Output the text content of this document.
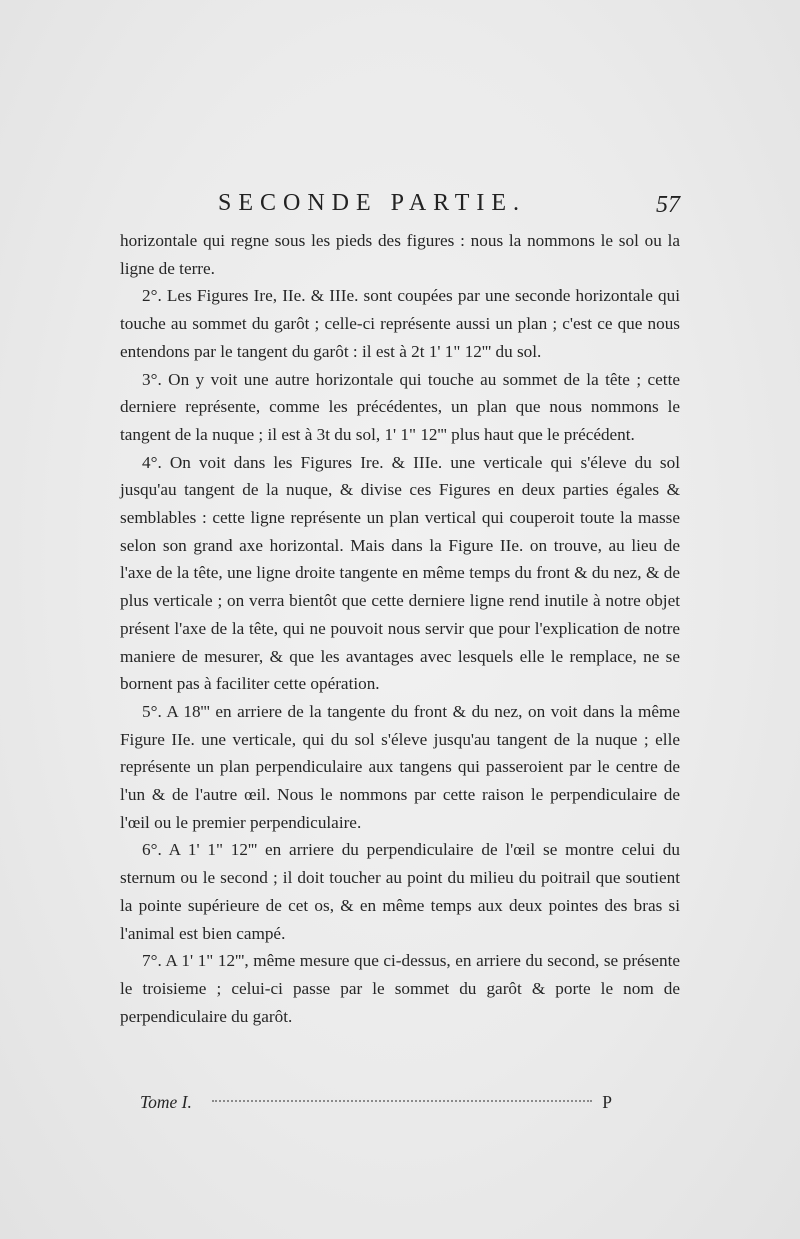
SECONDE PARTIE.	57

horizontale qui regne sous les pieds des figures : nous la nommons le sol ou la ligne de terre.

2°. Les Figures Ire, IIe. & IIIe. sont coupées par une seconde horizontale qui touche au sommet du garôt ; celle-ci représente aussi un plan ; c'est ce que nous entendons par le tangent du garôt : il est à 2t 1' 1" 12''' du sol.

3°. On y voit une autre horizontale qui touche au sommet de la tête ; cette derniere représente, comme les précédentes, un plan que nous nommons le tangent de la nuque ; il est à 3t du sol, 1' 1" 12''' plus haut que le précédent.

4°. On voit dans les Figures Ire. & IIIe. une verticale qui s'éleve du sol jusqu'au tangent de la nuque, & divise ces Figures en deux parties égales & semblables : cette ligne représente un plan vertical qui couperoit toute la masse selon son grand axe horizontal. Mais dans la Figure IIe. on trouve, au lieu de l'axe de la tête, une ligne droite tangente en même temps du front & du nez, & de plus verticale ; on verra bientôt que cette derniere ligne rend inutile à notre objet présent l'axe de la tête, qui ne pouvoit nous servir que pour l'explication de notre maniere de mesurer, & que les avantages avec lesquels elle le remplace, ne se bornent pas à faciliter cette opération.

5°. A 18''' en arriere de la tangente du front & du nez, on voit dans la même Figure IIe. une verticale, qui du sol s'éleve jusqu'au tangent de la nuque ; elle représente un plan perpendiculaire aux tangens qui passeroient par le centre de l'un & de l'autre œil. Nous le nommons par cette raison le perpendiculaire de l'œil ou le premier perpendiculaire.

6°. A 1' 1" 12''' en arriere du perpendiculaire de l'œil se montre celui du sternum ou le second ; il doit toucher au point du milieu du poitrail que soutient la pointe supérieure de cet os, & en même temps aux deux pointes des bras si l'animal est bien campé.

7°. A 1' 1" 12''', même mesure que ci-dessus, en arriere du second, se présente le troisieme ; celui-ci passe par le sommet du garôt & porte le nom de perpendiculaire du garôt.

Tome I.	P
